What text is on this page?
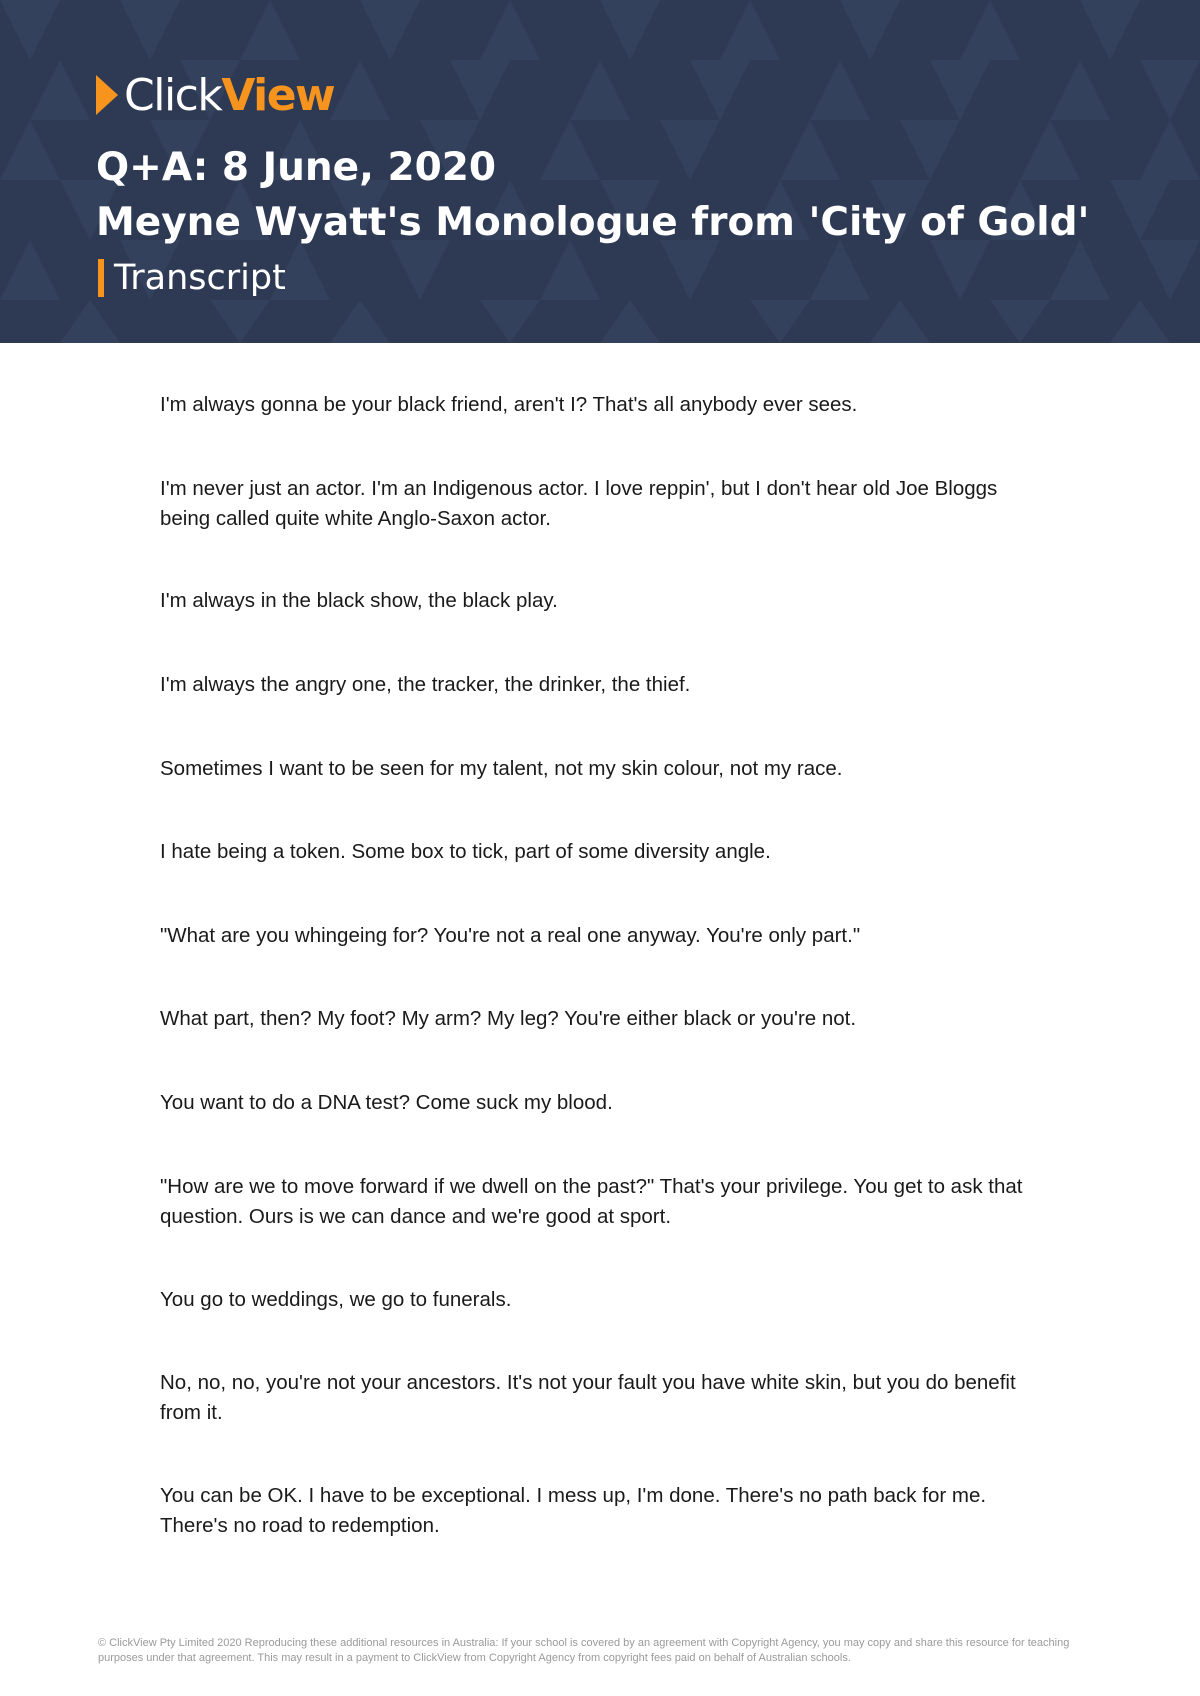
Click View
Q+A: 8 June, 2020
Meyne Wyatt's Monologue from 'City of Gold'
Transcript

I'm always gonna be your black friend, aren't I? That's all anybody ever sees.

I'm never just an actor. I'm an Indigenous actor. I love reppin', but I don't hear old Joe Bloggs being called quite white Anglo-Saxon actor.

I'm always in the black show, the black play.

I'm always the angry one, the tracker, the drinker, the thief.

Sometimes I want to be seen for my talent, not my skin colour, not my race.

I hate being a token. Some box to tick, part of some diversity angle.

"What are you whingeing for? You're not a real one anyway. You're only part."

What part, then? My foot? My arm? My leg? You're either black or you're not.

You want to do a DNA test? Come suck my blood.

"How are we to move forward if we dwell on the past?" That's your privilege. You get to ask that question. Ours is we can dance and we're good at sport.

You go to weddings, we go to funerals.

No, no, no, you're not your ancestors. It's not your fault you have white skin, but you do benefit from it.

You can be OK. I have to be exceptional. I mess up, I'm done. There's no path back for me. There's no road to redemption.

© ClickView Pty Limited 2020 Reproducing these additional resources in Australia: If your school is covered by an agreement with Copyright Agency, you may copy and share this resource for teaching purposes under that agreement. This may result in a payment to ClickView from Copyright Agency from copyright fees paid on behalf of Australian schools.
